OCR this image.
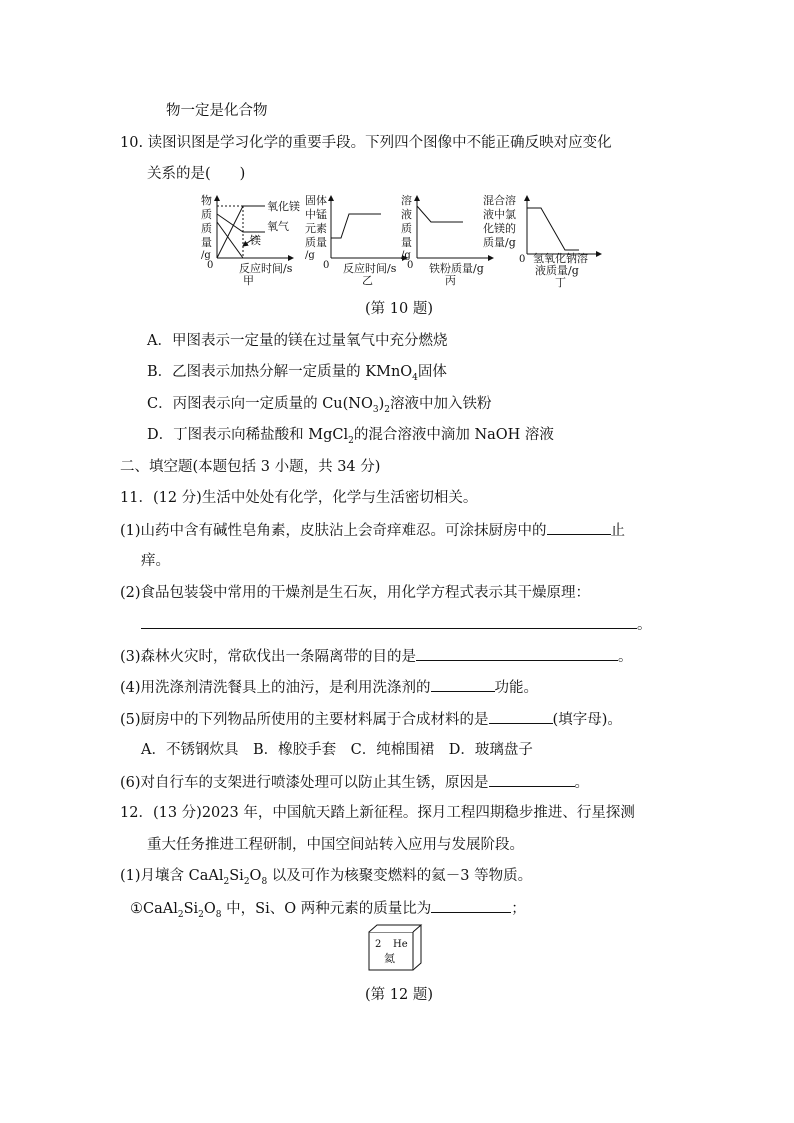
物一定是化合物
10. 读图识图是学习化学的重要手段。下列四个图像中不能正确反映对应变化
关系的是(　　)
物
质
质
量
/g
0
氧化镁
氧气
镁
反应时间/s
甲
固体
中锰
元素
质量
/g
0 反应时间/s
乙
溶
液
质
量
/g
0 铁粉质量/g
丙
混合溶
液中氯
化镁的
质量/g
0 氢氧化钠溶
液质量/g
丁
(第 10 题)
A．甲图表示一定量的镁在过量氧气中充分燃烧
B．乙图表示加热分解一定质量的 KMnO$_4$固体
C．丙图表示向一定质量的 $Cu(NO_3)_2$溶液中加入铁粉
D．丁图表示向稀盐酸和 MgCl$_2$的混合溶液中滴加 NaOH 溶液
二、填空题(本题包括 3 小题，共 34 分)
11．(12 分)生活中处处有化学，化学与生活密切相关。
(1)山药中含有碱性皂角素，皮肤沾上会奇痒难忍。可涂抹厨房中的	止
痒。
(2)食品包装袋中常用的干燥剂是生石灰，用化学方程式表示其干燥原理：
。
(3)森林火灾时，常砍伐出一条隔离带的目的是	。
(4)用洗涤剂清洗餐具上的油污，是利用洗涤剂的	功能。
(5)厨房中的下列物品所使用的主要材料属于合成材料的是	(填字母)。
A．不锈钢炊具　B．橡胶手套　C．纯棉围裙　D．玻璃盘子
(6)对自行车的支架进行喷漆处理可以防止其生锈，原因是	。
12．(13 分)2023 年，中国航天踏上新征程。探月工程四期稳步推进、行星探测
重大任务推进工程研制，中国空间站转入应用与发展阶段。
(1)月壤含 $CaAl_2Si_2O_8$ 以及可作为核聚变燃料的氦－3 等物质。
$①CaAl_2Si_2O_8$ 中，Si、O 两种元素的质量比为	；
2 He
氦
(第 12 题)
